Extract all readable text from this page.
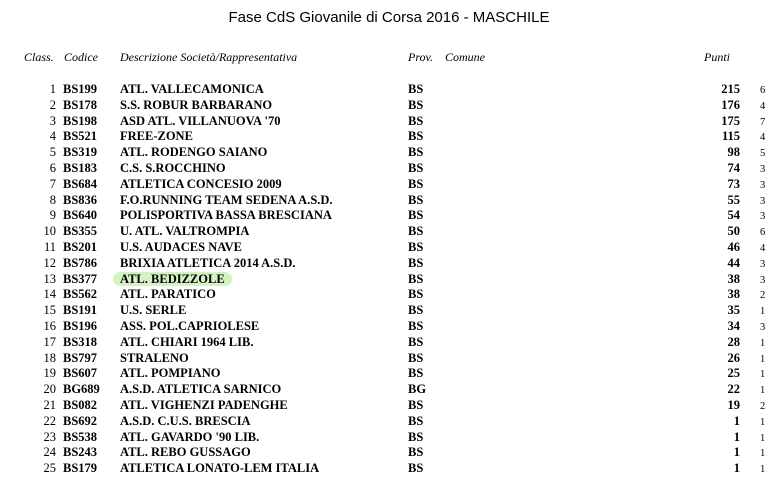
Fase CdS Giovanile di Corsa 2016 - MASCHILE
Class. Codice Descrizione Società/Rappresentativa	Prov. Comune	Punti
1 BS199 ATL. VALLECAMONICA	BS	215 6
2 BS178 S.S. ROBUR BARBARANO	BS	176 4
3 BS198 ASD ATL. VILLANUOVA '70	BS	175 7
4 BS521 FREE-ZONE	BS	115 4
5 BS319 ATL. RODENGO SAIANO	BS	98 5
6 BS183 C.S. S.ROCCHINO	BS	74 3
7 BS684 ATLETICA CONCESIO 2009	BS	73 3
8 BS836 F.O.RUNNING TEAM SEDENA A.S.D.	BS	55 3
9 BS640 POLISPORTIVA BASSA BRESCIANA	BS	54 3
10 BS355 U. ATL. VALTROMPIA	BS	50 6
11 BS201 U.S. AUDACES NAVE	BS	46 4
12 BS786 BRIXIA ATLETICA 2014 A.S.D.	BS	44 3
13 BS377 ATL. BEDIZZOLE	BS	38 3
14 BS562 ATL. PARATICO	BS	38 2
15 BS191 U.S. SERLE	BS	35 1
16 BS196 ASS. POL.CAPRIOLESE	BS	34 3
17 BS318 ATL. CHIARI 1964 LIB.	BS	28 1
18 BS797 STRALENO	BS	26 1
19 BS607 ATL. POMPIANO	BS	25 1
20 BG689 A.S.D. ATLETICA SARNICO	BG	22 1
21 BS082 ATL. VIGHENZI PADENGHE	BS	19 2
22 BS692 A.S.D. C.U.S. BRESCIA	BS	1 1
23 BS538 ATL. GAVARDO '90 LIB.	BS	1 1
24 BS243 ATL. REBO GUSSAGO	BS	1 1
25 BS179 ATLETICA LONATO-LEM ITALIA	BS	1 1
